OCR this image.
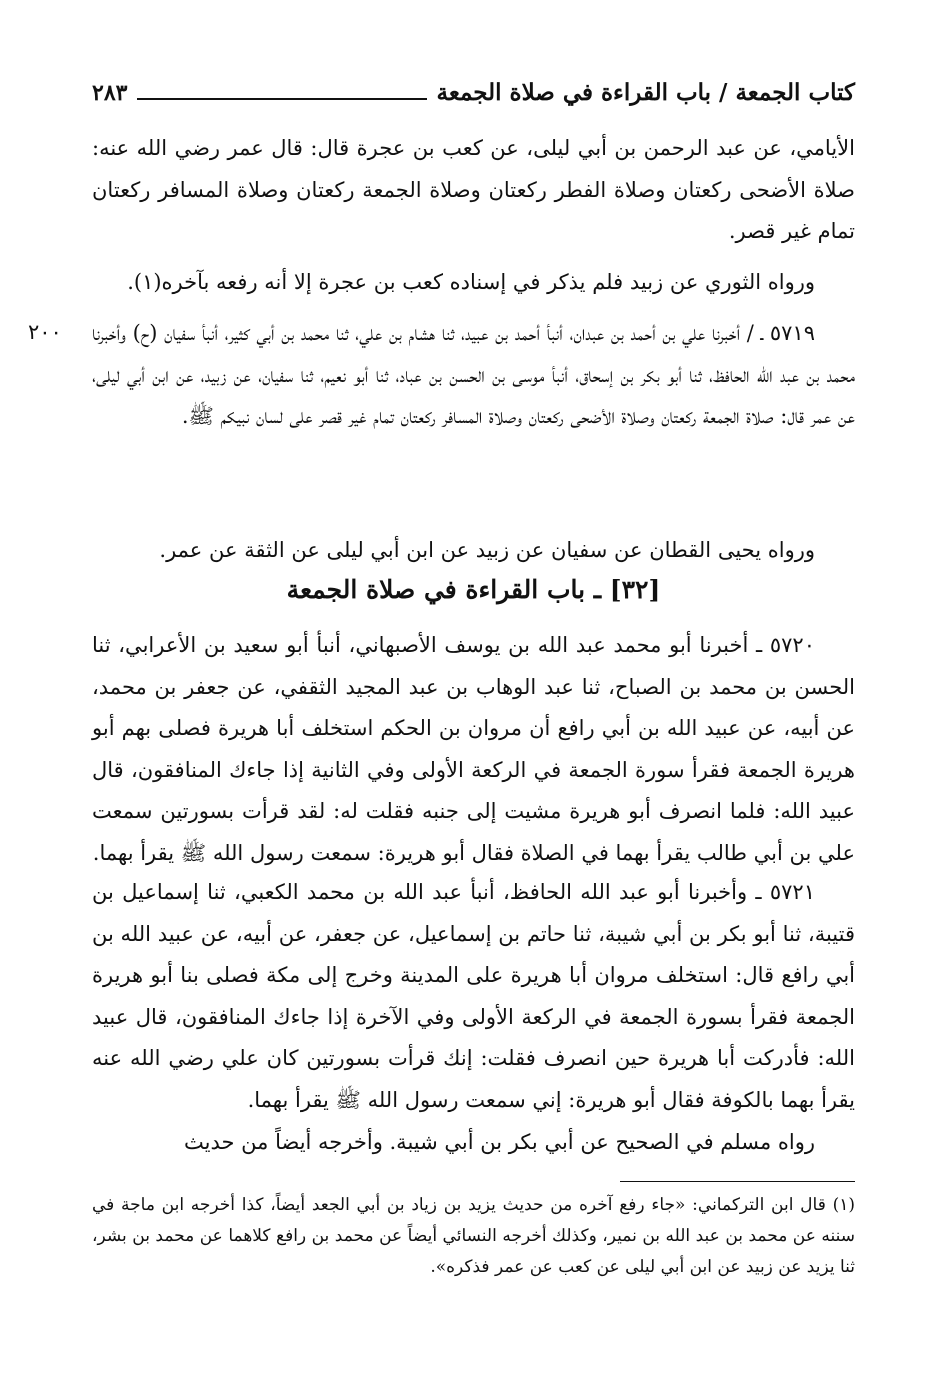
كتاب الجمعة / باب القراءة في صلاة الجمعة
٢٨٣

الأيامي، عن عبد الرحمن بن أبي ليلى، عن كعب بن عجرة قال: قال عمر رضي الله عنه: صلاة الأضحى ركعتان وصلاة الفطر ركعتان وصلاة الجمعة ركعتان وصلاة المسافر ركعتان تمام غير قصر.

ورواه الثوري عن زبيد فلم يذكر في إسناده كعب بن عجرة إلا أنه رفعه بآخره(١).

٢٠٠ ٥٧١٩ ـ / أخبرنا علي بن أحمد بن عبدان، أنبأ أحمد بن عبيد، ثنا هشام بن علي، ثنا محمد بن أبي كثير، أنبأ سفيان (ح) وأخبرنا محمد بن عبد الله الحافظ، ثنا أبو بكر بن إسحاق، أنبأ موسى بن الحسن بن عباد، ثنا أبو نعيم، ثنا سفيان، عن زبيد، عن ابن أبي ليلى، عن عمر قال: صلاة الجمعة ركعتان وصلاة الأضحى ركعتان وصلاة المسافر ركعتان تمام غير قصر على لسان نبيكم ﷺ.

ورواه يحيى القطان عن سفيان عن زبيد عن ابن أبي ليلى عن الثقة عن عمر.

[٣٢] ـ باب القراءة في صلاة الجمعة

٥٧٢٠ ـ أخبرنا أبو محمد عبد الله بن يوسف الأصبهاني، أنبأ أبو سعيد بن الأعرابي، ثنا الحسن بن محمد بن الصباح، ثنا عبد الوهاب بن عبد المجيد الثقفي، عن جعفر بن محمد، عن أبيه، عن عبيد الله بن أبي رافع أن مروان بن الحكم استخلف أبا هريرة فصلى بهم أبو هريرة الجمعة فقرأ سورة الجمعة في الركعة الأولى وفي الثانية إذا جاءك المنافقون، قال عبيد الله: فلما انصرف أبو هريرة مشيت إلى جنبه فقلت له: لقد قرأت بسورتين سمعت علي بن أبي طالب يقرأ بهما في الصلاة فقال أبو هريرة: سمعت رسول الله ﷺ يقرأ بهما.

٥٧٢١ ـ وأخبرنا أبو عبد الله الحافظ، أنبأ عبد الله بن محمد الكعبي، ثنا إسماعيل بن قتيبة، ثنا أبو بكر بن أبي شيبة، ثنا حاتم بن إسماعيل، عن جعفر، عن أبيه، عن عبيد الله بن أبي رافع قال: استخلف مروان أبا هريرة على المدينة وخرج إلى مكة فصلى بنا أبو هريرة الجمعة فقرأ بسورة الجمعة في الركعة الأولى وفي الآخرة إذا جاءك المنافقون، قال عبيد الله: فأدركت أبا هريرة حين انصرف فقلت: إنك قرأت بسورتين كان علي رضي الله عنه يقرأ بهما بالكوفة فقال أبو هريرة: إني سمعت رسول الله ﷺ يقرأ بهما.

رواه مسلم في الصحيح عن أبي بكر بن أبي شيبة. وأخرجه أيضاً من حديث

(١) قال ابن التركماني: «جاء رفع آخره من حديث يزيد بن زياد بن أبي الجعد أيضاً، كذا أخرجه ابن ماجة في سننه عن محمد بن عبد الله بن نمير، وكذلك أخرجه النسائي أيضاً عن محمد بن رافع كلاهما عن محمد بن بشر، ثنا يزيد عن زبيد عن ابن أبي ليلى عن كعب عن عمر فذكره».
